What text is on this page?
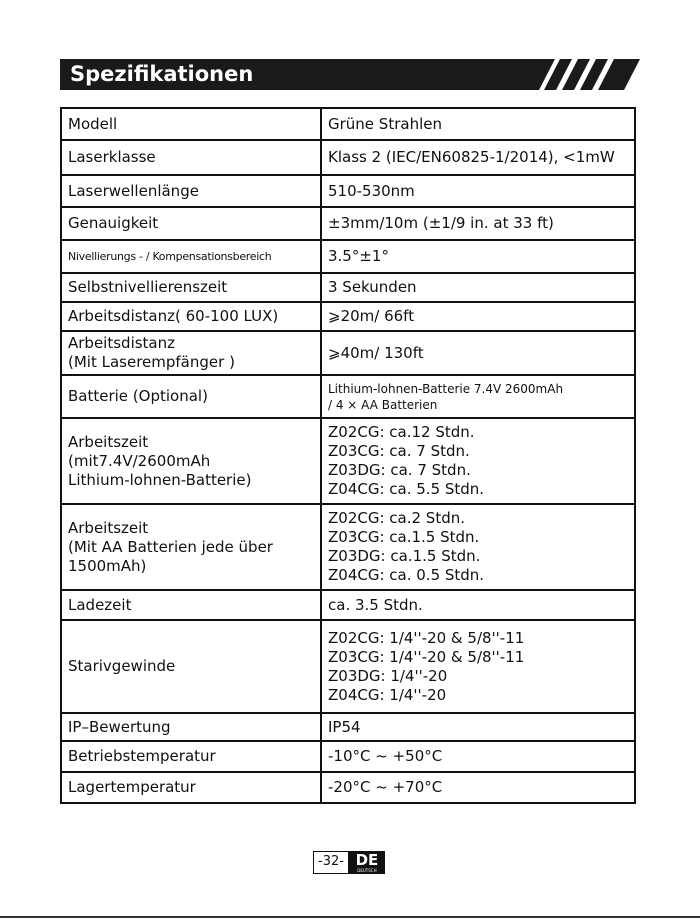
Spezifikationen
Modell	Grüne Strahlen
Laserklasse	Klass 2 (IEC/EN60825-1/2014), <1mW
Laserwellenlänge	510-530nm
Genauigkeit	±3mm/10m (±1/9 in. at 33 ft)
Nivellierungs - / Kompensationsbereich	3.5°±1°
Selbstnivellierenszeit	3 Sekunden
Arbeitsdistanz( 60-100 LUX)	⩾20m/ 66ft
Arbeitsdistanz
(Mit Laserempfänger )	⩾40m/ 130ft
Batterie (Optional)	Lithium-lohnen-Batterie 7.4V 2600mAh
/ 4 × AA Batterien
Arbeitszeit
(mit7.4V/2600mAh
Lithium-lohnen-Batterie)	Z02CG: ca.12 Stdn.
Z03CG: ca. 7 Stdn.
Z03DG: ca. 7 Stdn.
Z04CG: ca. 5.5 Stdn.
Arbeitszeit
(Mit AA Batterien jede über
1500mAh)	Z02CG: ca.2 Stdn.
Z03CG: ca.1.5 Stdn.
Z03DG: ca.1.5 Stdn.
Z04CG: ca. 0.5 Stdn.
Ladezeit	ca. 3.5 Stdn.
Starivgewinde	Z02CG: 1/4''-20 & 5/8''-11
Z03CG: 1/4''-20 & 5/8''-11
Z03DG: 1/4''-20
Z04CG: 1/4''-20
IP–Bewertung	IP54
Betriebstemperatur	-10°C ~ +50°C
Lagertemperatur	-20°C ~ +70°C
-32- DE
DEUTSCH
